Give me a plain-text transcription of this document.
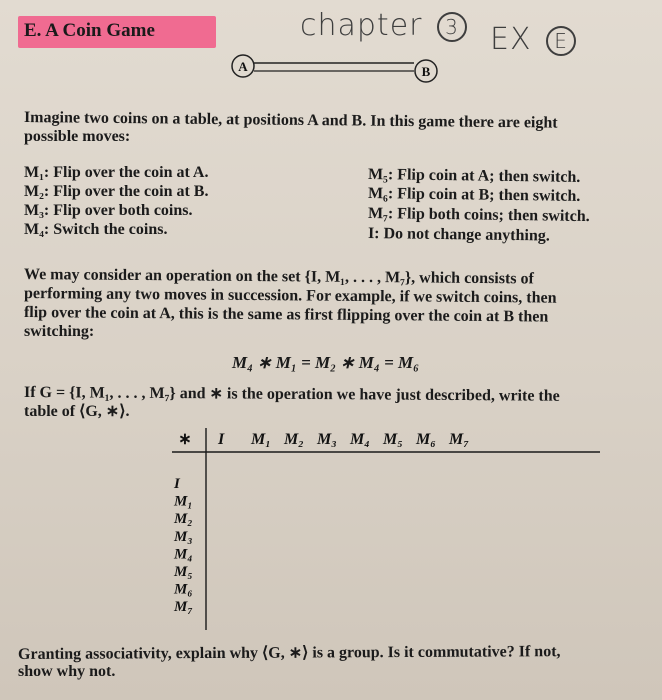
E. A Coin Game	chapter 3 EX E
A	B
Imagine two coins on a table, at positions A and B. In this game there are eight
possible moves:
M₁: Flip over the coin at A.
M₂: Flip over the coin at B.
M₃: Flip over both coins.
M₄: Switch the coins.
M₅: Flip coin at A; then switch.
M₆: Flip coin at B; then switch.
M₇: Flip both coins; then switch.
I: Do not change anything.
We may consider an operation on the set {I, M₁, . . . , M₇}, which consists of
performing any two moves in succession. For example, if we switch coins, then
flip over the coin at A, this is the same as first flipping over the coin at B then
switching:
M₄ ∗ M₁ = M₂ ∗ M₄ = M₆
If G = {I, M₁, . . . , M₇} and ∗ is the operation we have just described, write the
table of ⟨G, ∗⟩.
I M₁ M₂ M₃ M₄ M₅ M₆ M₇
I
M₁
M₂
M₃
M₄
M₅
M₆
M₇
∗
Granting associativity, explain why ⟨G, ∗⟩ is a group. Is it commutative? If not,
show why not.
